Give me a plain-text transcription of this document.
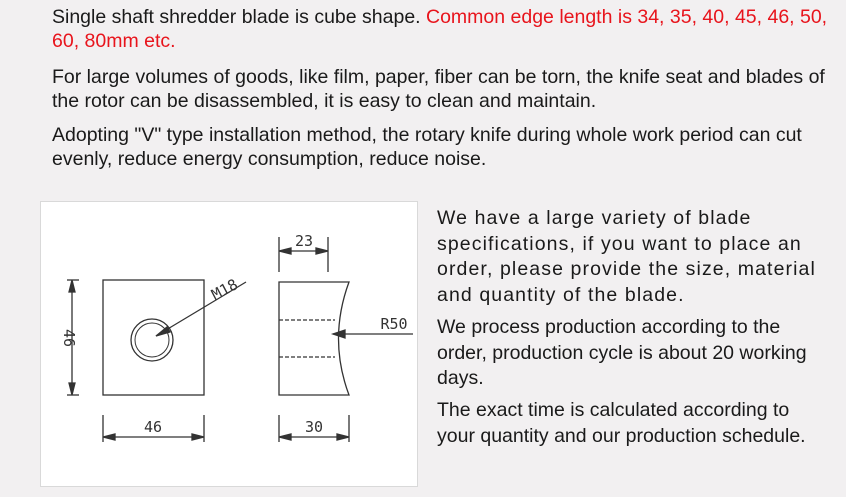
Single shaft shredder blade is cube shape. Common edge length is 34, 35, 40, 45, 46, 50, 60, 80mm etc.

For large volumes of goods, like film, paper, fiber can be torn, the knife seat and blades of the rotor can be disassembled, it is easy to clean and maintain.

Adopting "V" type installation method, the rotary knife during whole work period can cut evenly, reduce energy consumption, reduce noise.

46
46
M18
23
R50
30

We have a large variety of blade specifications, if you want to place an order, please provide the size, material and quantity of the blade.

We process production according to the order, production cycle is about 20 working days.

The exact time is calculated according to your quantity and our production schedule.
